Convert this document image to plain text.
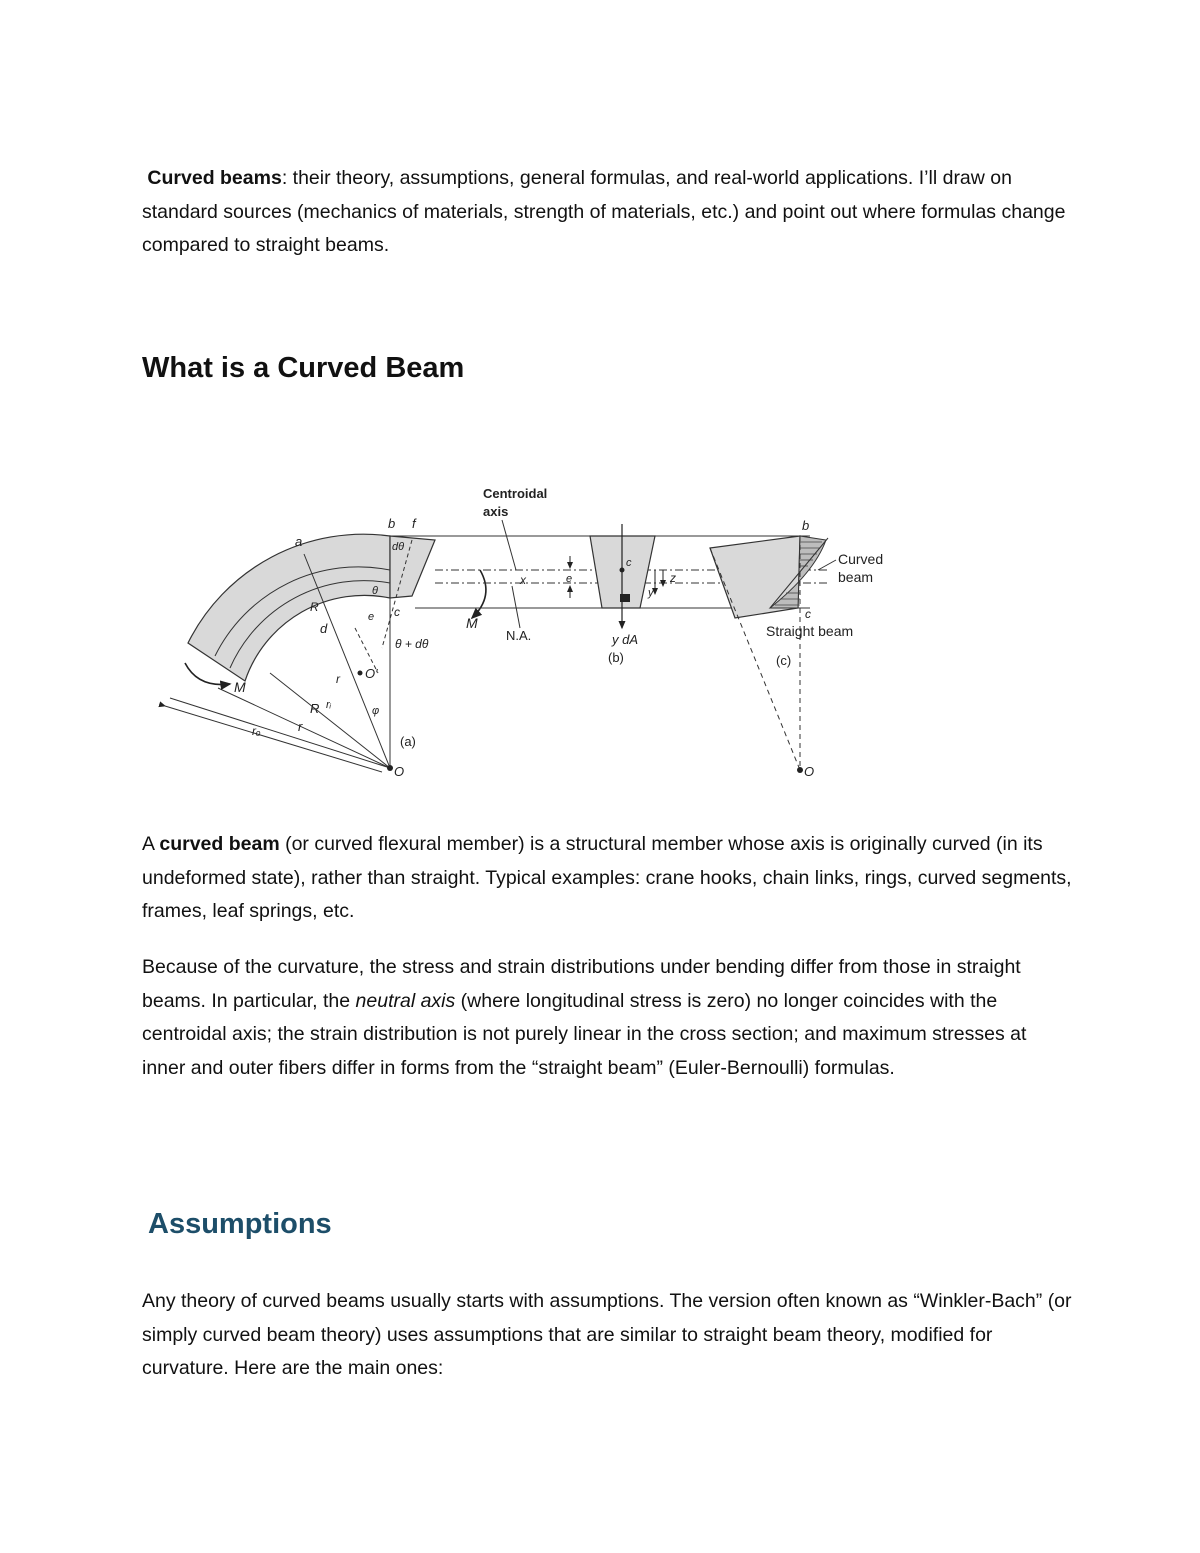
Curved beams: their theory, assumptions, general formulas, and real-world applications. I’ll draw on standard sources (mechanics of materials, strength of materials, etc.) and point out where formulas change compared to straight beams.

What is a Curved Beam
a
b f
dθ
θ
c
e
d
R
θ + dθ
O′
M
M
R rᵢ
r
r
rₒ
φ
(a)
O
Centroidal
axis
x	e
N.A.
c
y dA
(b)
z
y
O
b
c
Curved
beam
Straight beam
(c)

A curved beam (or curved flexural member) is a structural member whose axis is originally curved (in its undeformed state), rather than straight. Typical examples: crane hooks, chain links, rings, curved segments, frames, leaf springs, etc.

Because of the curvature, the stress and strain distributions under bending differ from those in straight beams. In particular, the neutral axis (where longitudinal stress is zero) no longer coincides with the centroidal axis; the strain distribution is not purely linear in the cross section; and maximum stresses at inner and outer fibers differ in forms from the “straight beam” (Euler-Bernoulli) formulas.

Assumptions

Any theory of curved beams usually starts with assumptions. The version often known as “Winkler-Bach” (or simply curved beam theory) uses assumptions that are similar to straight beam theory, modified for curvature. Here are the main ones:
